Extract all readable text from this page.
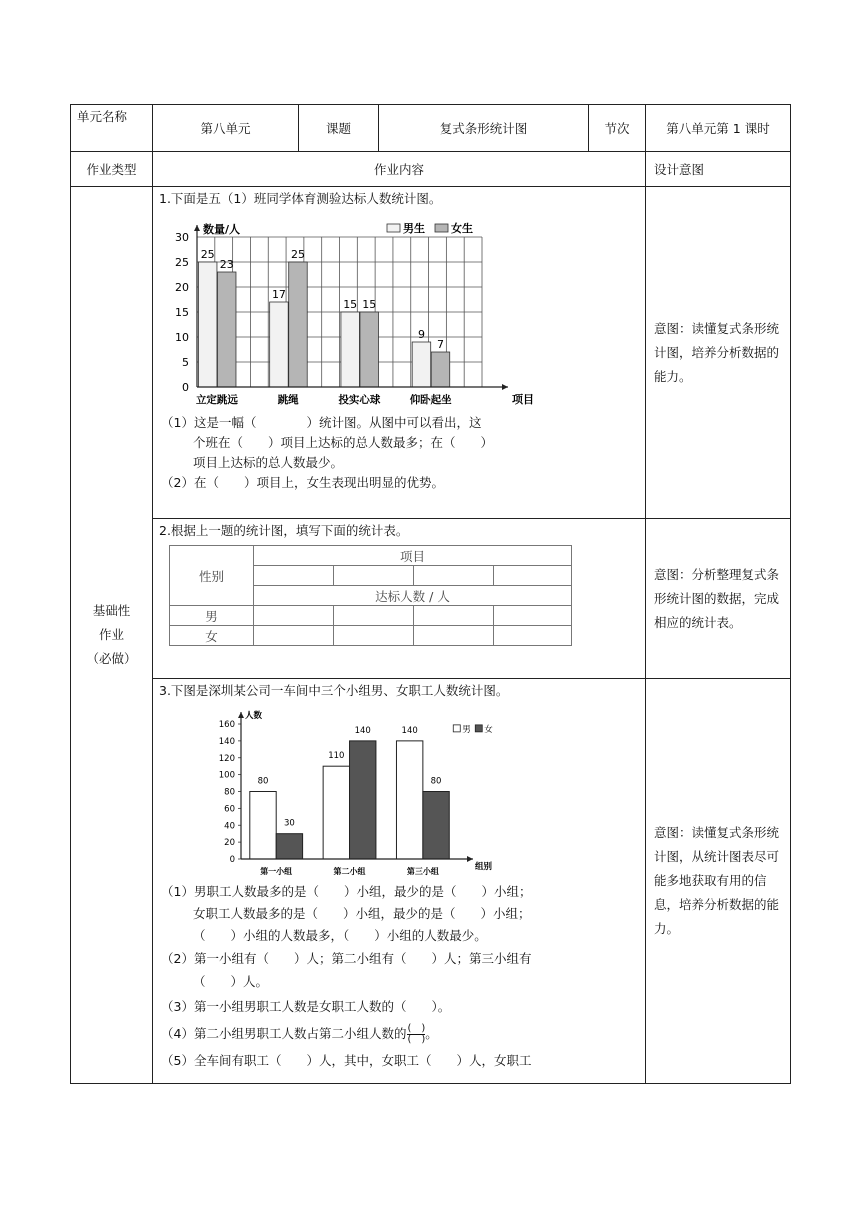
单元名称	第八单元	课题	复式条形统计图	节次	第八单元第 1 课时
作业类型	作业内容	设计意图

基础性
作业
（必做）

1.下面是五（1）班同学体育测验达标人数统计图。
0
5
10
15
20
25
30
25
23
立定跳远
17
25
跳绳
15 15
投实心球
9
7
仰卧起坐
数量/人
项目
男生 女生
（1）这是一幅（　　　　）统计图。从图中可以看出，这
个班在（　　）项目上达标的总人数最多；在（　　）
项目上达标的总人数最少。
（2）在（　　）项目上，女生表现出明显的优势。
	意图：读懂复式条形统计图，培养分析数据的能力。

2.根据上一题的统计图，填写下面的统计表。
性别	项目

达标人数 / 人
男				
女				
	意图：分析整理复式条形统计图的数据，完成相应的统计表。

3.下图是深圳某公司一车间中三个小组男、女职工人数统计图。
0
20
40
60
80
100
120
140
160
80
30
第一小组
110
140
第二小组
140
80
第三小组
人数
组别
男 女
（1）男职工人数最多的是（　　）小组，最少的是（　　）小组；
女职工人数最多的是（　　）小组，最少的是（　　）小组；
（　　）小组的人数最多，（　　）小组的人数最少。
（2）第一小组有（　　）人；第二小组有（　　）人；第三小组有
（　　）人。
（3）第一小组男职工人数是女职工人数的（　　）。
（4）第二小组男职工人数占第二小组人数的 $\frac{( )}{( )}$ 。
（5）全车间有职工（　　）人，其中，女职工（　　）人，女职工
	意图：读懂复式条形统计图，从统计图表尽可能多地获取有用的信息，培养分析数据的能力。
